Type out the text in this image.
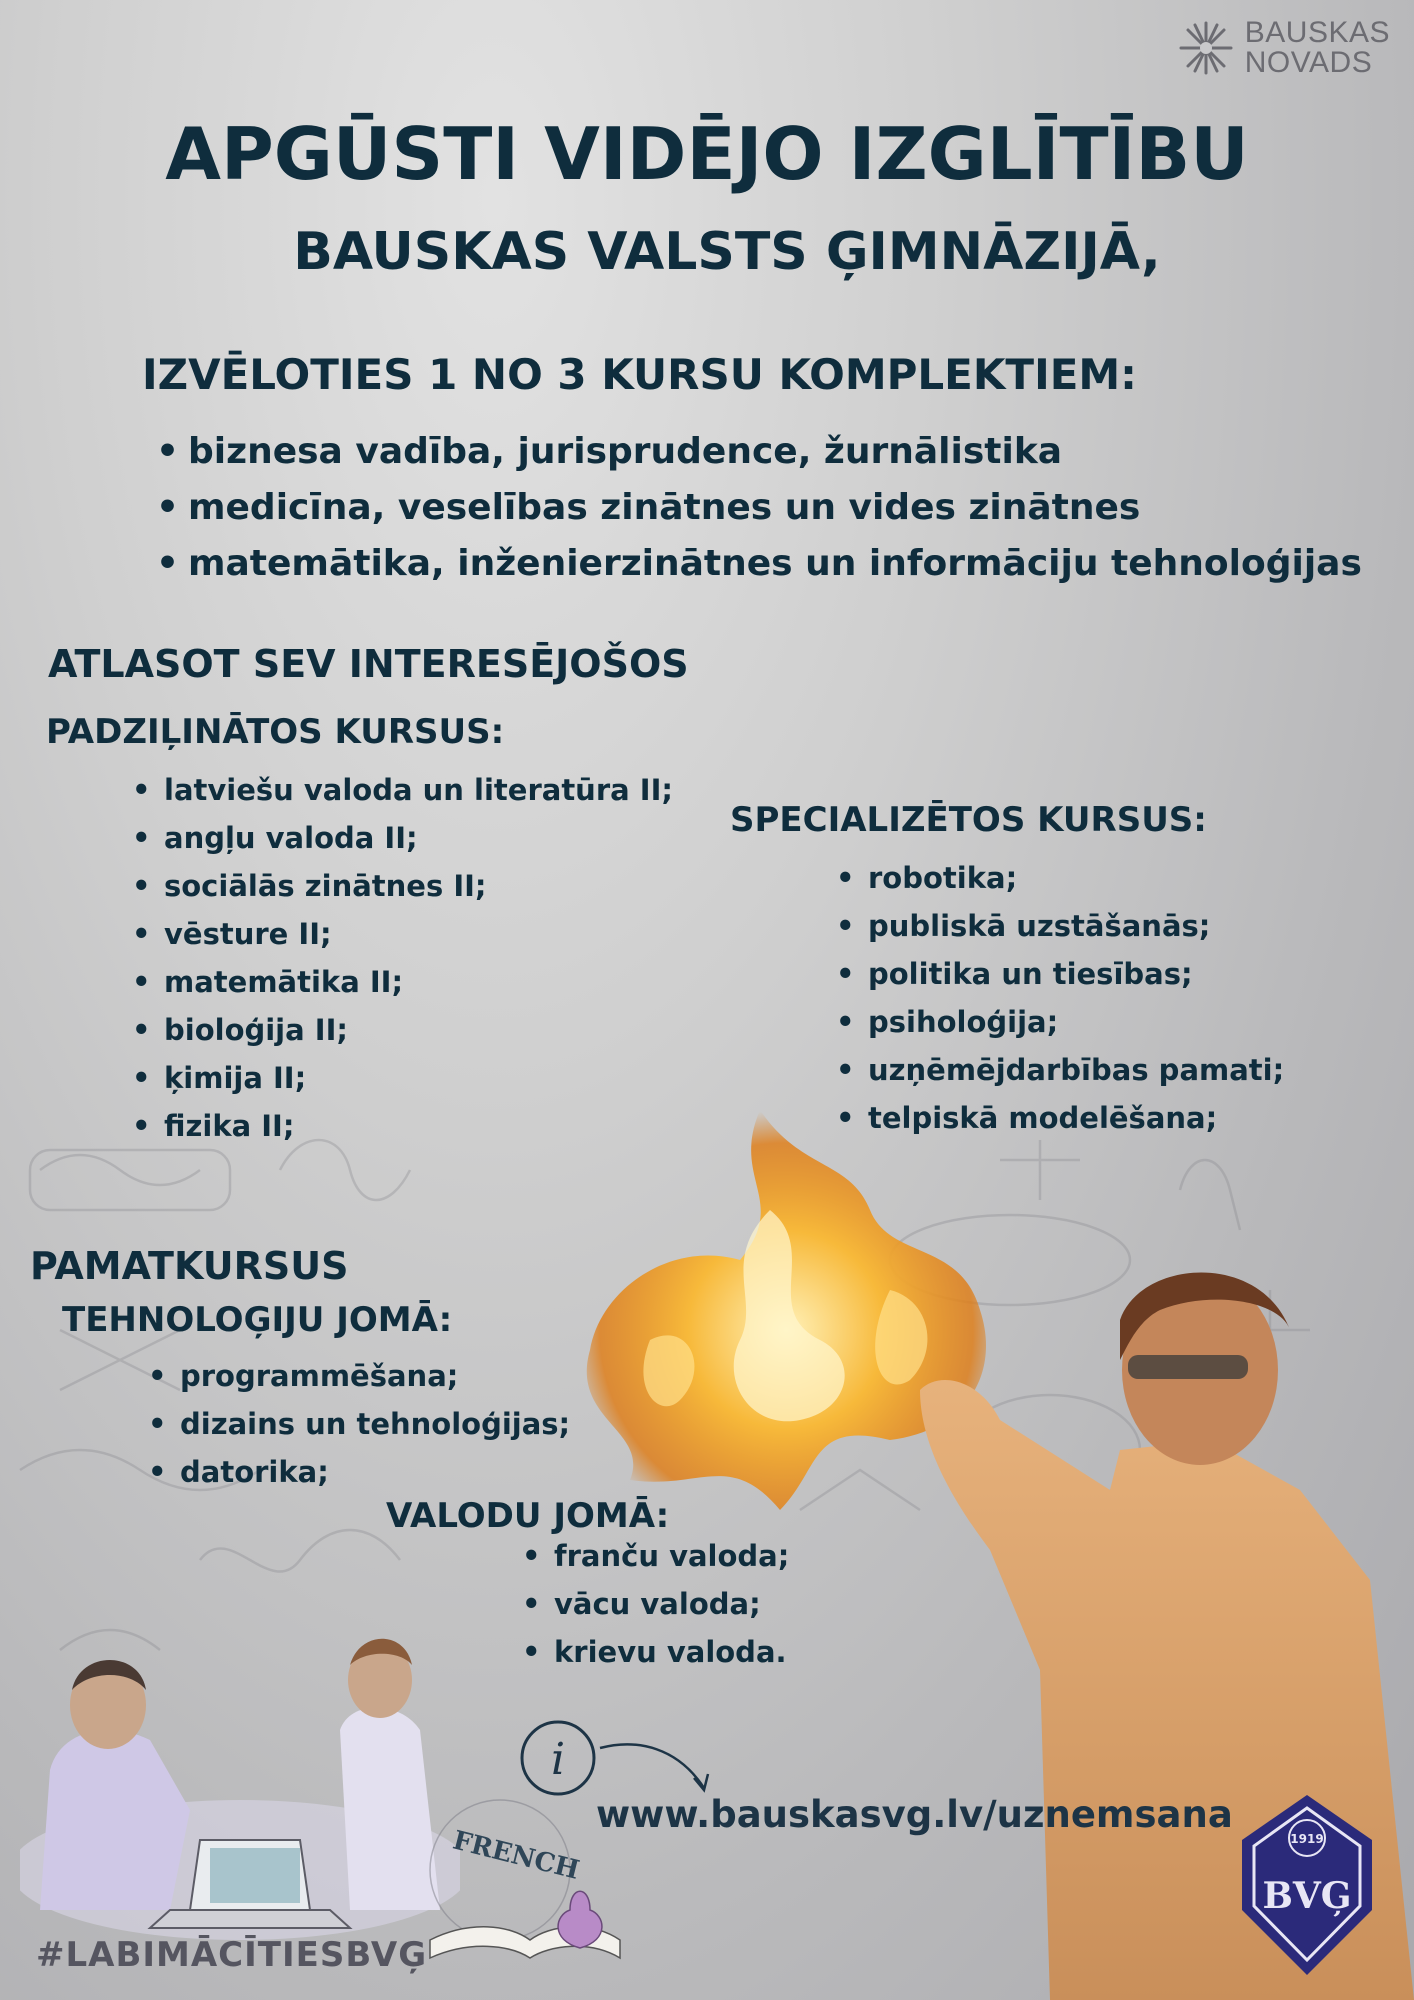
BAUSKAS
NOVADS
APGŪSTI VIDĒJO IZGLĪTĪBU
BAUSKAS VALSTS ĢIMNĀZIJĀ,
IZVĒLOTIES 1 NO 3 KURSU KOMPLEKTIEM:
• biznesa vadība, jurisprudence, žurnālistika
• medicīna, veselības zinātnes un vides zinātnes
• matemātika, inženierzinātnes un informāciju tehnoloģijas
ATLASOT SEV INTERESĒJOŠOS
PADZIĻINĀTOS KURSUS:
• latviešu valoda un literatūra II;
• angļu valoda II;
• sociālās zinātnes II;
• vēsture II;
• matemātika II;
• bioloģija II;
• ķimija II;
• fizika II;
SPECIALIZĒTOS KURSUS:
• robotika;
• publiskā uzstāšanās;
• politika un tiesības;
• psiholoģija;
• uzņēmējdarbības pamati;
• telpiskā modelēšana;
PAMATKURSUS
TEHNOLOĢIJU JOMĀ:
• programmēšana;
• dizains un tehnoloģijas;
• datorika;
VALODU JOMĀ:
• franču valoda;
• vācu valoda;
• krievu valoda.
FRENCH
i
www.bauskasvg.lv/uznemsana
1919
BVĢ
#LABIMĀCĪTIESBVĢ
